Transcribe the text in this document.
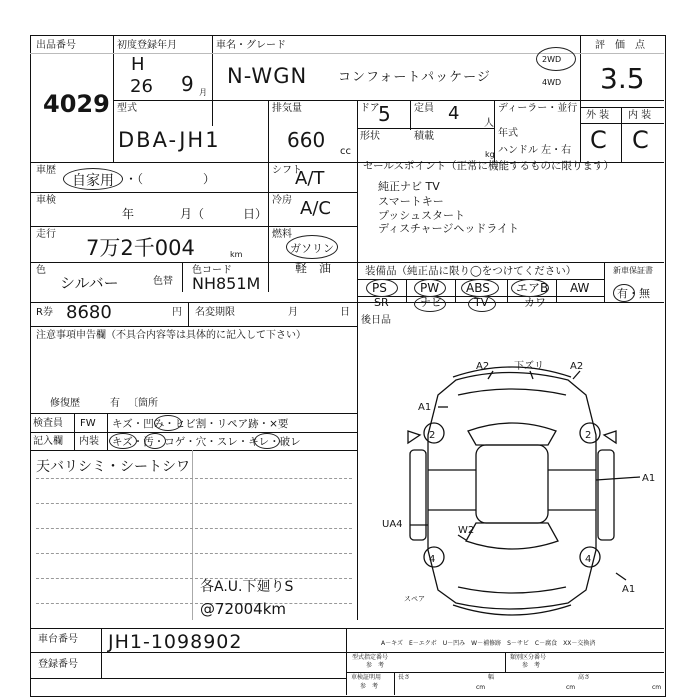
出品番号
4029
初度登録年月
H
26 9 月
車名・グレード
N-WGN コンフォートパッケージ
2WD
4WD
評　価　点
3.5
外 装 内 装
C C
型式
DBA-JH1
排気量
660 cc
ドア
5 定員 4 人
形状	積載
kg
ディーラー・並行
年式
ハンドル 左・右
車歴
自家用 ・（　　　　　）
シフト
A/T
車検
年	月（	日）
冷房 A/C
走行
7万2千004	km
燃料
ガソリン
軽　油
色
シルバー	色替
色コード
NH851M
セールスポイント（正常に機能するものに限ります）
純正ナビ TV
スマートキー
プッシュスタート
ディスチャージヘッドライト
装備品（純正品に限り◯をつけてください）
PS	PW ABS エアB AW
SR	ナビ	TV	カワ
新車保証書
有・無
R券 8680	円 名変期限	月	日
後日品
注意事項申告欄（不具合内容等は具体的に記入して下さい）
修復歴	有 〔箇所
検査員
記入欄
FW
内装
キズ・凹み・ヒビ割・リペア跡・×要
キズ・汚・コゲ・穴・スレ・キレ・破レ
天バリシミ・シートシワ
各A.U.下廻りS
@72004km
A2 下ズリ	A2
A1
2	2
A1
UA4
W2
4	4
A1
スペア
A－キズ　E－エクボ　U－凹み　W－補修跡　S－サビ　C－腐食　XX－交換済
車台番号 JH1-1098902
登録番号
型式指定番号
参　考
類別区分番号
参　考
車検証明用
参　考
長さ
cm
幅
cm
高さ
cm
